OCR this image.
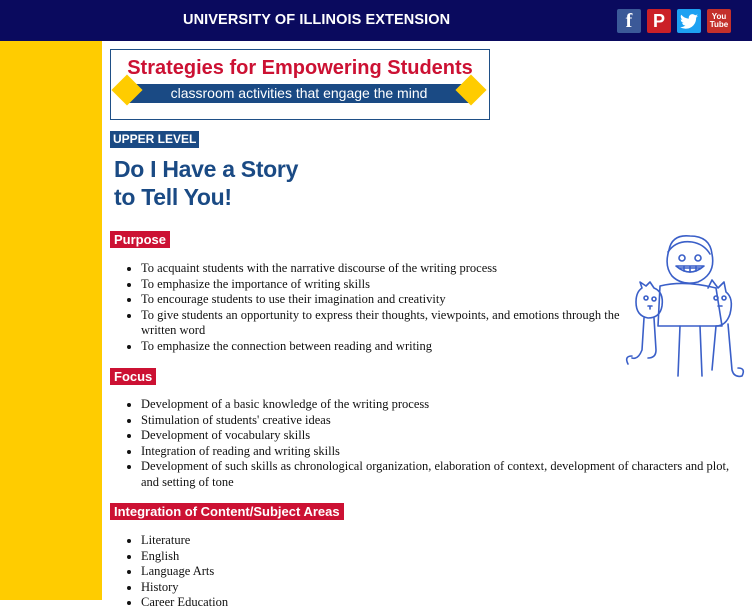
UNIVERSITY OF ILLINOIS EXTENSION	f	P	You Tube
Strategies for Empowering Students
classroom activities that engage the mind
UPPER LEVEL
Do I Have a Story
to Tell You!
Purpose
• To acquaint students with the narrative discourse of the writing process
• To emphasize the importance of writing skills
• To encourage students to use their imagination and creativity
• To give students an opportunity to express their thoughts, viewpoints, and emotions through the written word
• To emphasize the connection between reading and writing
Focus
• Development of a basic knowledge of the writing process
• Stimulation of students' creative ideas
• Development of vocabulary skills
• Integration of reading and writing skills
• Development of such skills as chronological organization, elaboration of context, development of characters and plot, and setting of tone
Integration of Content/Subject Areas
• Literature
• English
• Language Arts
• History
• Career Education
